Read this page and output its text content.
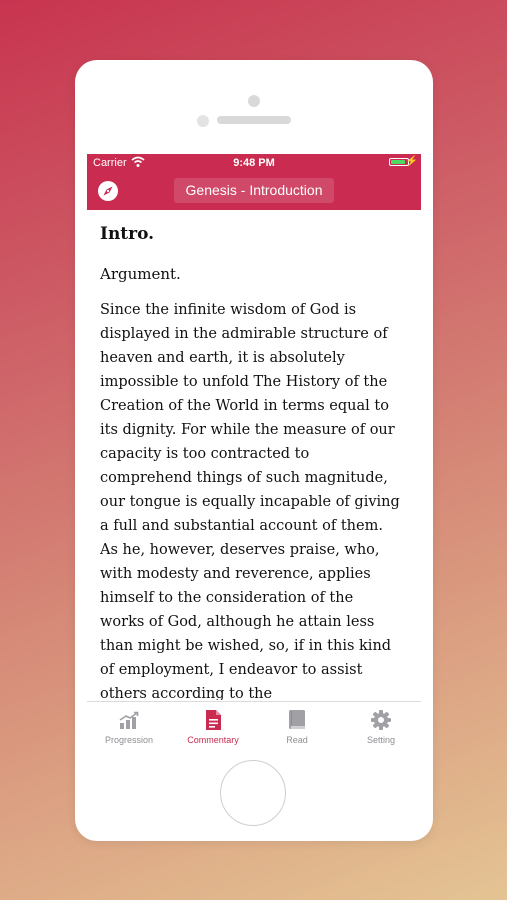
Carrier	9:48 PM	⚡
Genesis - Introduction

Intro.

Argument.

Since the infinite wisdom of God is displayed in the admirable structure of heaven and earth, it is absolutely impossible to unfold The History of the Creation of the World in terms equal to its dignity. For while the measure of our capacity is too contracted to comprehend things of such magnitude, our tongue is equally incapable of giving a full and substantial account of them. As he, however, deserves praise, who, with modesty and reverence, applies himself to the consideration of the works of God, although he attain less than might be wished, so, if in this kind of employment, I endeavor to assist others according to the

Progression	Commentary	Read	Setting
